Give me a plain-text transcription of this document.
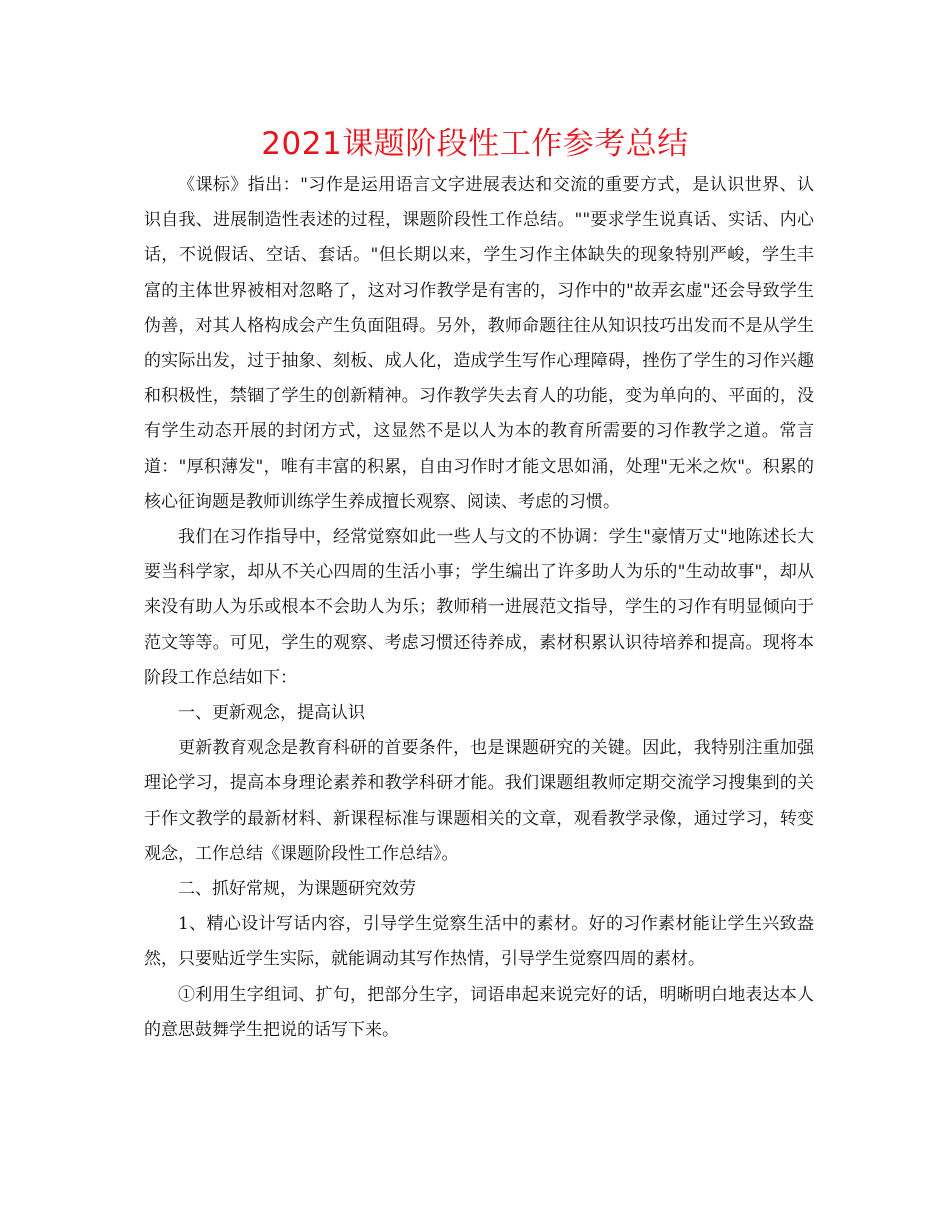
2021课题阶段性工作参考总结

《课标》指出："习作是运用语言文字进展表达和交流的重要方式，是认识世界、认识自我、进展制造性表述的过程，课题阶段性工作总结。""要求学生说真话、实话、内心话，不说假话、空话、套话。"但长期以来，学生习作主体缺失的现象特别严峻，学生丰富的主体世界被相对忽略了，这对习作教学是有害的，习作中的"故弄玄虚"还会导致学生伪善，对其人格构成会产生负面阻碍。另外，教师命题往往从知识技巧出发而不是从学生的实际出发，过于抽象、刻板、成人化，造成学生写作心理障碍，挫伤了学生的习作兴趣和积极性，禁锢了学生的创新精神。习作教学失去育人的功能，变为单向的、平面的，没有学生动态开展的封闭方式，这显然不是以人为本的教育所需要的习作教学之道。常言道："厚积薄发"，唯有丰富的积累，自由习作时才能文思如涌，处理"无米之炊"。积累的核心征询题是教师训练学生养成擅长观察、阅读、考虑的习惯。

我们在习作指导中，经常觉察如此一些人与文的不协调：学生"豪情万丈"地陈述长大要当科学家，却从不关心四周的生活小事；学生编出了许多助人为乐的"生动故事"，却从来没有助人为乐或根本不会助人为乐；教师稍一进展范文指导，学生的习作有明显倾向于范文等等。可见，学生的观察、考虑习惯还待养成，素材积累认识待培养和提高。现将本阶段工作总结如下：

一、更新观念，提高认识

更新教育观念是教育科研的首要条件，也是课题研究的关键。因此，我特别注重加强理论学习，提高本身理论素养和教学科研才能。我们课题组教师定期交流学习搜集到的关于作文教学的最新材料、新课程标准与课题相关的文章，观看教学录像，通过学习，转变观念，工作总结《课题阶段性工作总结》。

二、抓好常规，为课题研究效劳

1、精心设计写话内容，引导学生觉察生活中的素材。好的习作素材能让学生兴致盎然，只要贴近学生实际，就能调动其写作热情，引导学生觉察四周的素材。

①利用生字组词、扩句，把部分生字，词语串起来说完好的话，明晰明白地表达本人的意思鼓舞学生把说的话写下来。
